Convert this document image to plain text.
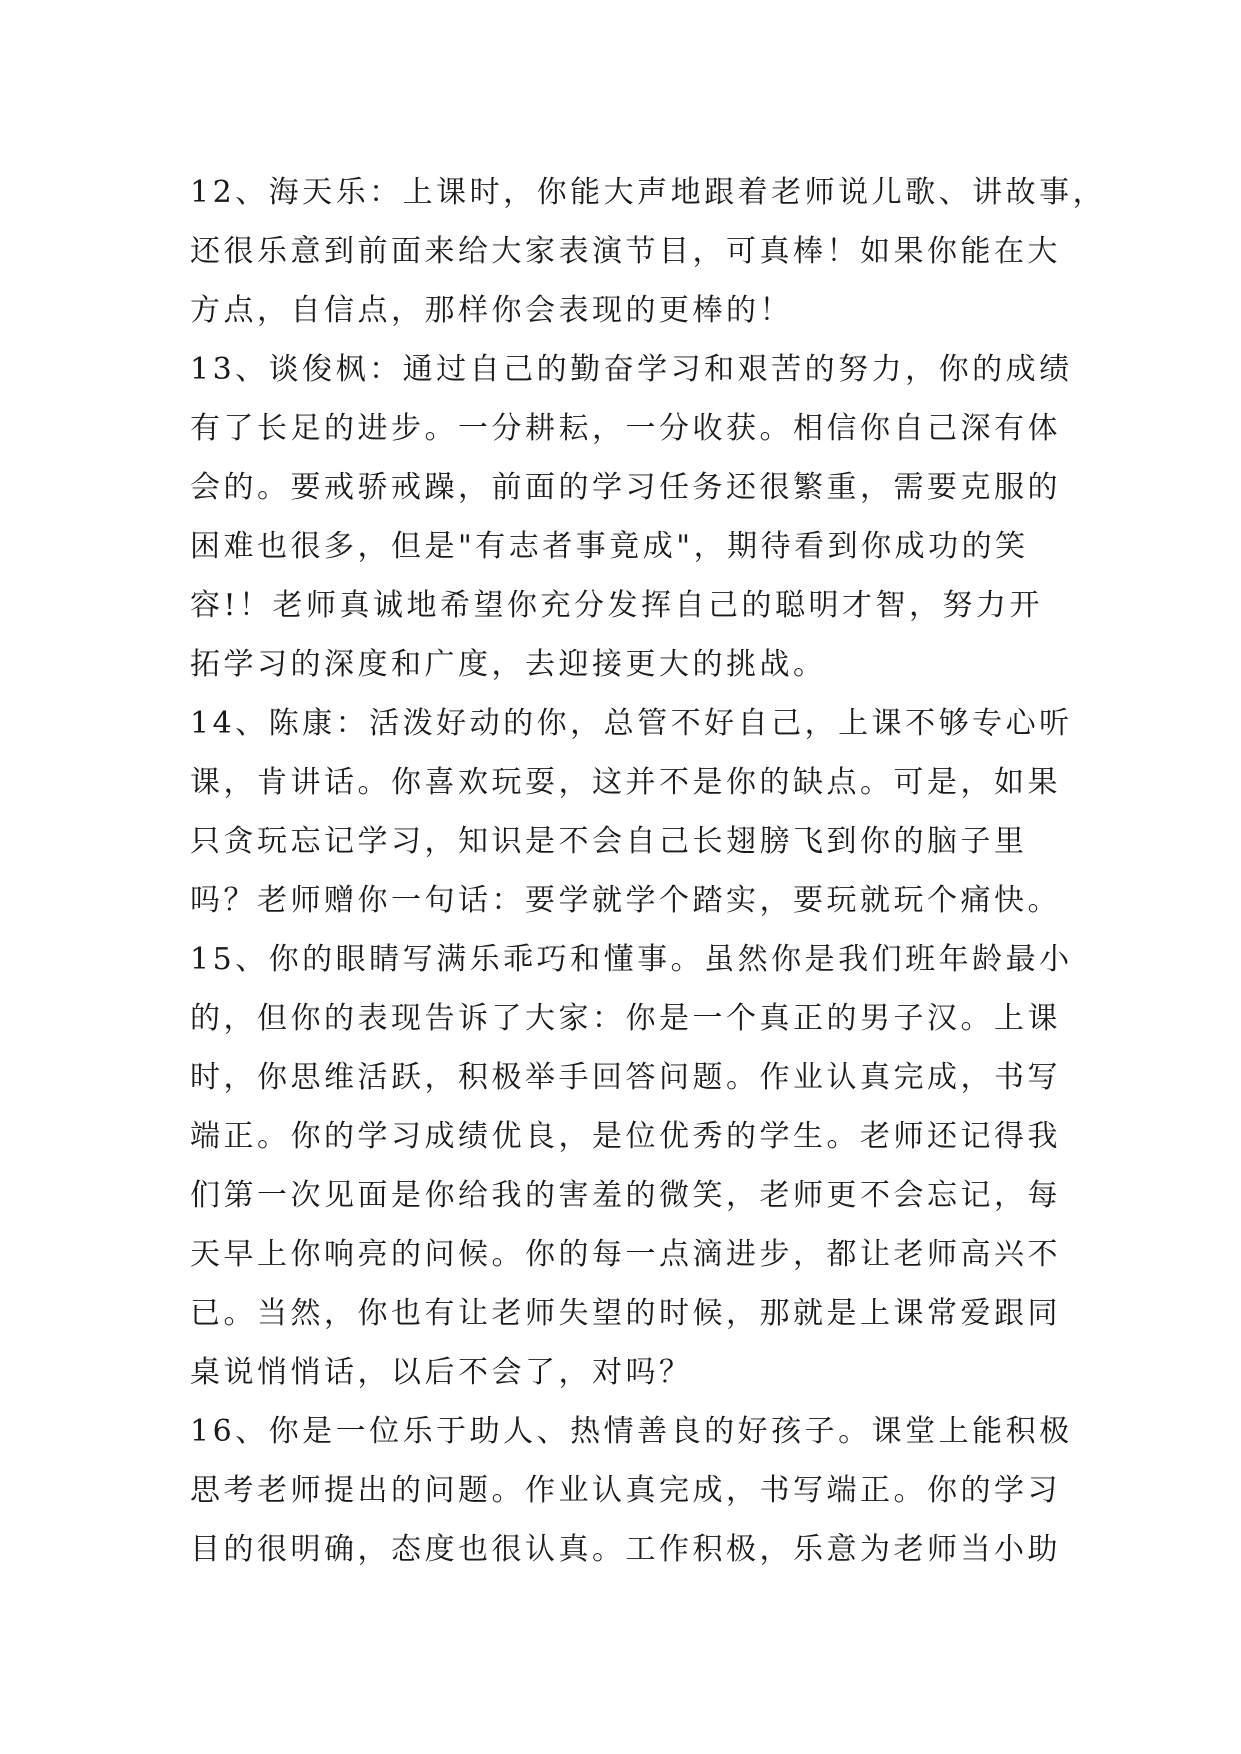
12、海天乐：上课时，你能大声地跟着老师说儿歌、讲故事，
还很乐意到前面来给大家表演节目，可真棒！如果你能在大
方点，自信点，那样你会表现的更棒的！
13、谈俊枫：通过自己的勤奋学习和艰苦的努力，你的成绩
有了长足的进步。一分耕耘，一分收获。相信你自己深有体
会的。要戒骄戒躁，前面的学习任务还很繁重，需要克服的
困难也很多，但是"有志者事竟成"，期待看到你成功的笑
容!！老师真诚地希望你充分发挥自己的聪明才智，努力开
拓学习的深度和广度，去迎接更大的挑战。
14、陈康：活泼好动的你，总管不好自己，上课不够专心听
课，肯讲话。你喜欢玩耍，这并不是你的缺点。可是，如果
只贪玩忘记学习，知识是不会自己长翅膀飞到你的脑子里
吗？老师赠你一句话：要学就学个踏实，要玩就玩个痛快。
15、你的眼睛写满乐乖巧和懂事。虽然你是我们班年龄最小
的，但你的表现告诉了大家：你是一个真正的男子汉。上课
时，你思维活跃，积极举手回答问题。作业认真完成，书写
端正。你的学习成绩优良，是位优秀的学生。老师还记得我
们第一次见面是你给我的害羞的微笑，老师更不会忘记，每
天早上你响亮的问候。你的每一点滴进步，都让老师高兴不
已。当然，你也有让老师失望的时候，那就是上课常爱跟同
桌说悄悄话，以后不会了，对吗？
16、你是一位乐于助人、热情善良的好孩子。课堂上能积极
思考老师提出的问题。作业认真完成，书写端正。你的学习
目的很明确，态度也很认真。工作积极，乐意为老师当小助
